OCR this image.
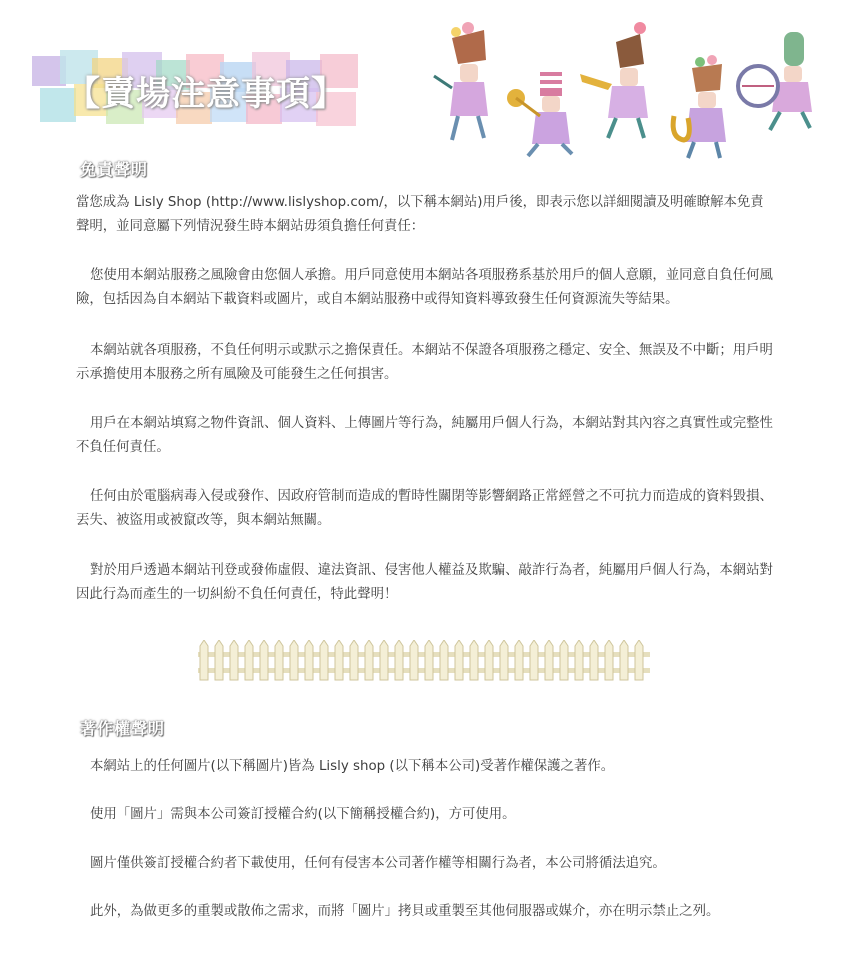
【賣場注意事項】
免責聲明

當您成為 Lisly Shop (http://www.lislyshop.com/，以下稱本網站)用戶後，即表示您以詳細閱讀及明確瞭解本免責聲明，並同意屬下列情況發生時本網站毋須負擔任何責任：

您使用本網站服務之風險會由您個人承擔。用戶同意使用本網站各項服務系基於用戶的個人意願，並同意自負任何風險，包括因為自本網站下載資料或圖片，或自本網站服務中或得知資料導致發生任何資源流失等結果。

本網站就各項服務，不負任何明示或默示之擔保責任。本網站不保證各項服務之穩定、安全、無誤及不中斷；用戶明示承擔使用本服務之所有風險及可能發生之任何損害。

用戶在本網站填寫之物件資訊、個人資料、上傳圖片等行為，純屬用戶個人行為，本網站對其內容之真實性或完整性不負任何責任。

任何由於電腦病毒入侵或發作、因政府管制而造成的暫時性關閉等影響網路正常經營之不可抗力而造成的資料毀損、丟失、被盜用或被竄改等，與本網站無關。

對於用戶透過本網站刊登或發佈虛假、違法資訊、侵害他人權益及欺騙、敲詐行為者，純屬用戶個人行為，本網站對因此行為而產生的一切糾紛不負任何責任，特此聲明！

著作權聲明

本網站上的任何圖片(以下稱圖片)皆為 Lisly shop (以下稱本公司)受著作權保護之著作。

使用「圖片」需與本公司簽訂授權合約(以下簡稱授權合約)，方可使用。

圖片僅供簽訂授權合約者下載使用，任何有侵害本公司著作權等相關行為者，本公司將循法追究。

此外，為做更多的重製或散佈之需求，而將「圖片」拷貝或重製至其他伺服器或媒介，亦在明示禁止之列。
